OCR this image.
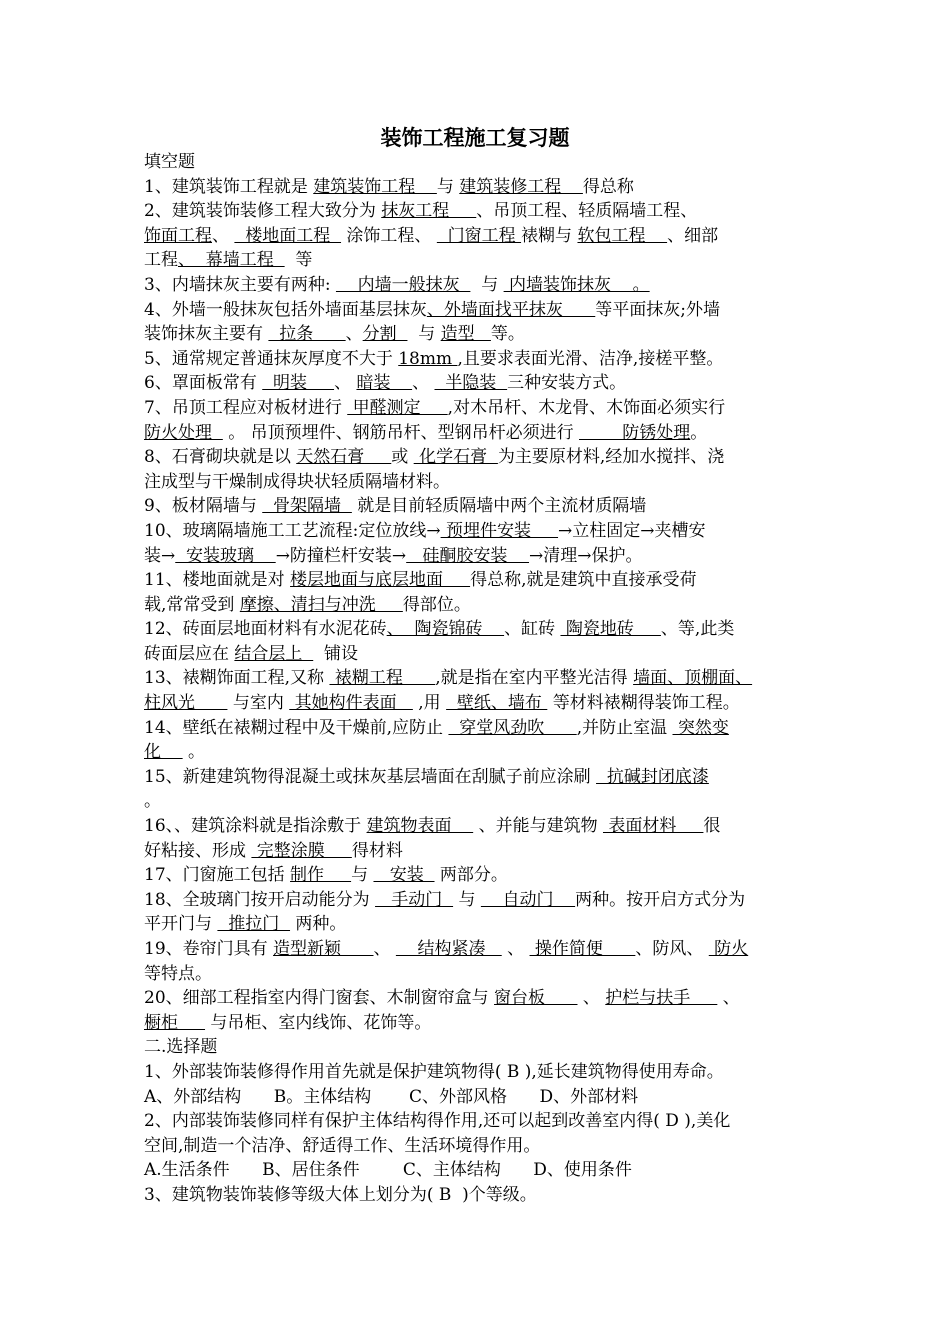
装饰工程施工复习题
填空题
1、建筑装饰工程就是 建筑装饰工程    与 建筑装修工程    得总称
2、建筑装饰装修工程大致分为 抹灰工程     、吊顶工程、轻质隔墙工程、
饰面工程、   楼地面工程   涂饰工程、   门窗工程 裱糊与 软包工程    、细部
工程、  幕墙工程    等
3、内墙抹灰主要有两种:     内墙一般抹灰    与  内墙装饰抹灰    。
4、外墙一般抹灰包括外墙面基层抹灰、外墙面找平抹灰      等平面抹灰;外墙
装饰抹灰主要有   拉条      、分割    与 造型   等。
5、通常规定普通抹灰厚度不大于 18mm ,且要求表面光滑、洁净,接槎平整。
6、罩面板常有   明装     、 暗装    、   半隐装  三种安装方式。
7、吊顶工程应对板材进行  甲醛测定     ,对木吊杆、木龙骨、木饰面必须实行
防火处理   。 吊顶预埋件、钢筋吊杆、型钢吊杆必须进行         防锈处理。
8、石膏砌块就是以 天然石膏     或  化学石膏  为主要原材料,经加水搅拌、浇
注成型与干燥制成得块状轻质隔墙材料。
9、板材隔墙与   骨架隔墙   就是目前轻质隔墙中两个主流材质隔墙
10、玻璃隔墙施工工艺流程:定位放线→ 预埋件安装     →立柱固定→夹槽安
装→  安装玻璃    →防撞栏杆安装→   硅酮胶安装    →清理→保护。
11、楼地面就是对 楼层地面与底层地面     得总称,就是建筑中直接承受荷
载,常常受到 摩擦、清扫与冲洗     得部位。
12、砖面层地面材料有水泥花砖、  陶瓷锦砖    、缸砖  陶瓷地砖     、等,此类
砖面层应在 结合层上    铺设
13、裱糊饰面工程,又称  裱糊工程      ,就是指在室内平整光洁得 墙面、顶棚面、
柱风光       与室内  其她构件表面    ,用   壁纸、墙布  等材料裱糊得装饰工程。
14、壁纸在裱糊过程中及干燥前,应防止   穿堂风劲吹      ,并防止室温  突然变
化     。
15、新建建筑物得混凝土或抹灰基层墙面在刮腻子前应涂刷   抗碱封闭底漆
。
16、、建筑涂料就是指涂敷于 建筑物表面     、并能与建筑物  表面材料     很
好粘接、形成  完整涂膜     得材料
17、门窗施工包括 制作     与    安装   两部分。
18、全玻璃门按开启动能分为    手动门   与     自动门    两种。按开启方式分为
平开门与   推拉门   两种。
19、卷帘门具有 造型新颖      、     结构紧凑    、  操作简便      、防风、  防火
等特点。
20、细部工程指室内得门窗套、木制窗帘盒与 窗台板       、 护栏与扶手      、
橱柜      与吊柜、室内线饰、花饰等。
二.选择题
1、外部装饰装修得作用首先就是保护建筑物得( B ),延长建筑物得使用寿命。
A、外部结构      B。主体结构       C、外部风格      D、外部材料
2、内部装饰装修同样有保护主体结构得作用,还可以起到改善室内得( D ),美化
空间,制造一个洁净、舒适得工作、生活环境得作用。
A.生活条件      B、居住条件        C、主体结构      D、使用条件
3、建筑物装饰装修等级大体上划分为( B  )个等级。
